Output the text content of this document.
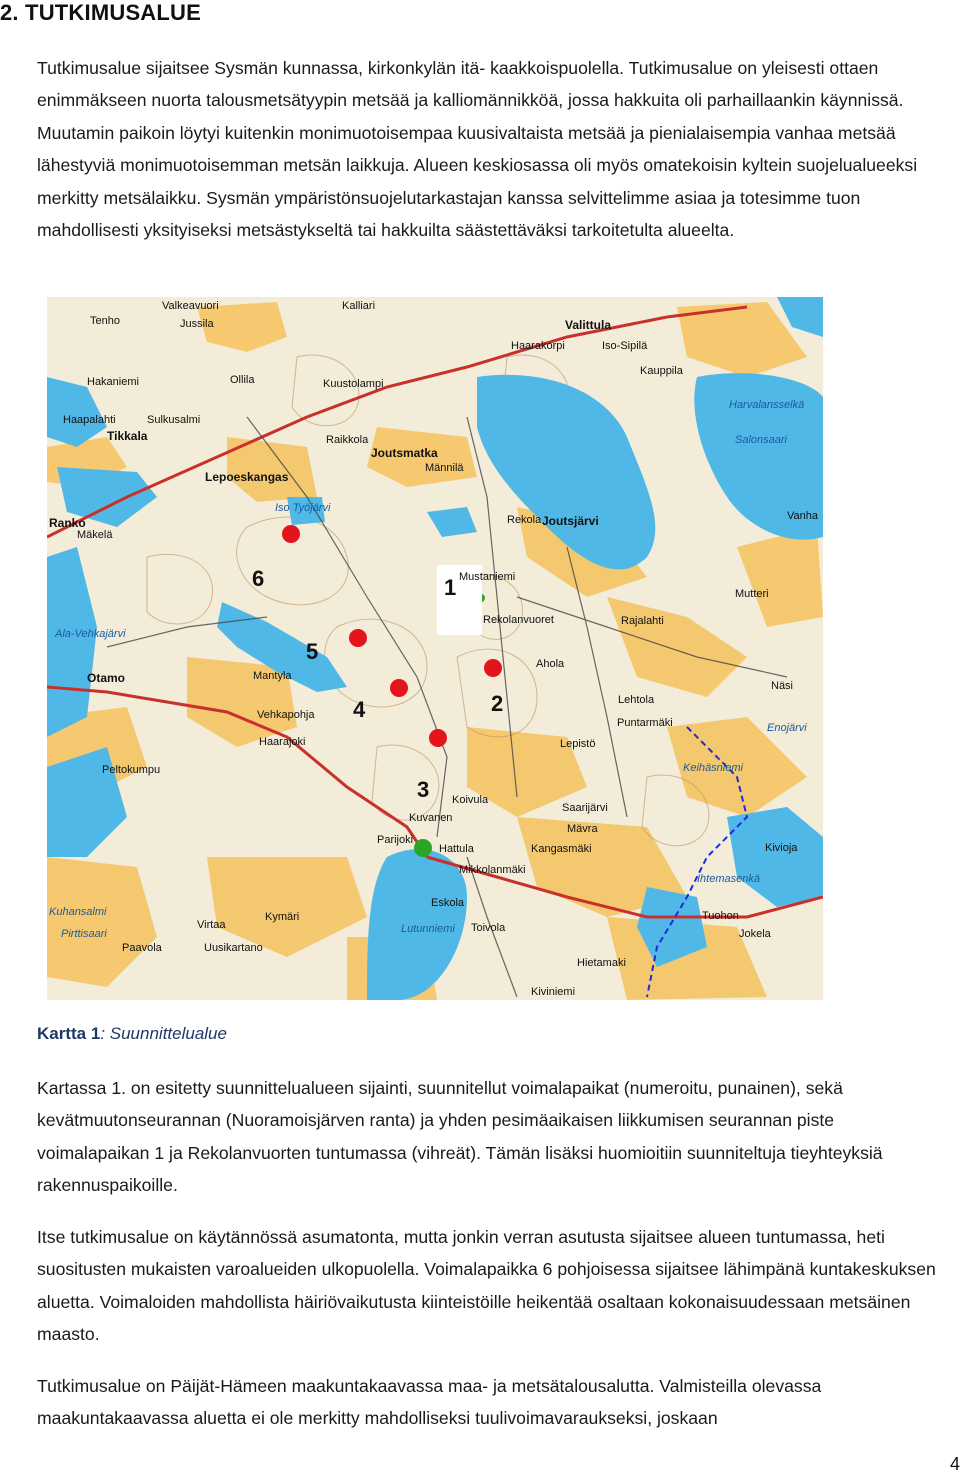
2. TUTKIMUSALUE
Tutkimusalue sijaitsee Sysmän kunnassa, kirkonkylän itä- kaakkoispuolella. Tutkimusalue on yleisesti ottaen enimmäkseen nuorta talousmetsätyypin metsää ja kalliomännikköä, jossa hakkuita oli parhaillaankin käynnissä. Muutamin paikoin löytyi kuitenkin monimuotoisempaa kuusivaltaista metsää ja pienialaisempia vanhaa metsää lähestyviä monimuotoisemman metsän laikkuja. Alueen keskiosassa oli myös omatekoisin kyltein suojelualueeksi merkitty metsälaikku. Sysmän ympäristönsuojelutarkastajan kanssa selvittelimme asiaa ja totesimme tuon mahdollisesti yksityiseksi metsästykseltä tai hakkuilta säästettäväksi tarkoitetulta alueelta.
1
2
3
4
5
6
Valittula
Tikkala
Ranko
Otamo
Joutsjärvi
Joutsmatka
Valkeavuori
Tenho	Jussila
Hakaniemi	Ollila	Kuustolampi
Haarakorpi	Iso-Sipilä
Kauppila
Haapalahti	Sulkusalmi
Raikkola
Männilä
Salonsaari
Lepoeskangas
Iso Työjärvi
Rekola	Vanha
Mäkelä
Mustaniemi
Rekolanvuoret	Rajalahti
Mutteri
Ala-Vehkajärvi
Ahola
Mantyla
Lehtola
Näsi
Vehkapohja
Puntarmäki
Haarajoki	Lepistö
Enojärvi
Peltokumpu	Keihäsniemi
Koivula
Saarijärvi
Mävra
Kuvanen
Parijoki
Hattula	Kangasmäki	Kivioja
Mikkolanmäki
Eskola
Kuhansalmi	Kymäri
Lutunniemi Toivola
Tuohon
Jokela
Pirttisaari
Virtaa
Paavola	Uusikartano
Hietamaki
Kiviniemi
Harvalansselkä
Kalliari
Ihtemasenkä
Kartta 1: Suunnittelualue
Kartassa 1. on esitetty suunnittelualueen sijainti, suunnitellut voimalapaikat (numeroitu, punainen), sekä kevätmuutonseurannan (Nuoramoisjärven ranta) ja yhden pesimäaikaisen liikkumisen seurannan piste voimalapaikan 1 ja Rekolanvuorten tuntumassa (vihreät). Tämän lisäksi huomioitiin suunniteltuja tieyhteyksiä rakennuspaikoille.
Itse tutkimusalue on käytännössä asumatonta, mutta jonkin verran asutusta sijaitsee alueen tuntumassa, heti suositusten mukaisten varoalueiden ulkopuolella. Voimalapaikka 6 pohjoisessa sijaitsee lähimpänä kuntakeskuksen aluetta. Voimaloiden mahdollista häiriövaikutusta kiinteistöille heikentää osaltaan kokonaisuudessaan metsäinen maasto.
Tutkimusalue on Päijät-Hämeen maakuntakaavassa maa- ja metsätalousalutta. Valmisteilla olevassa maakuntakaavassa aluetta ei ole merkitty mahdolliseksi tuulivoimavaraukseksi, joskaan
4
